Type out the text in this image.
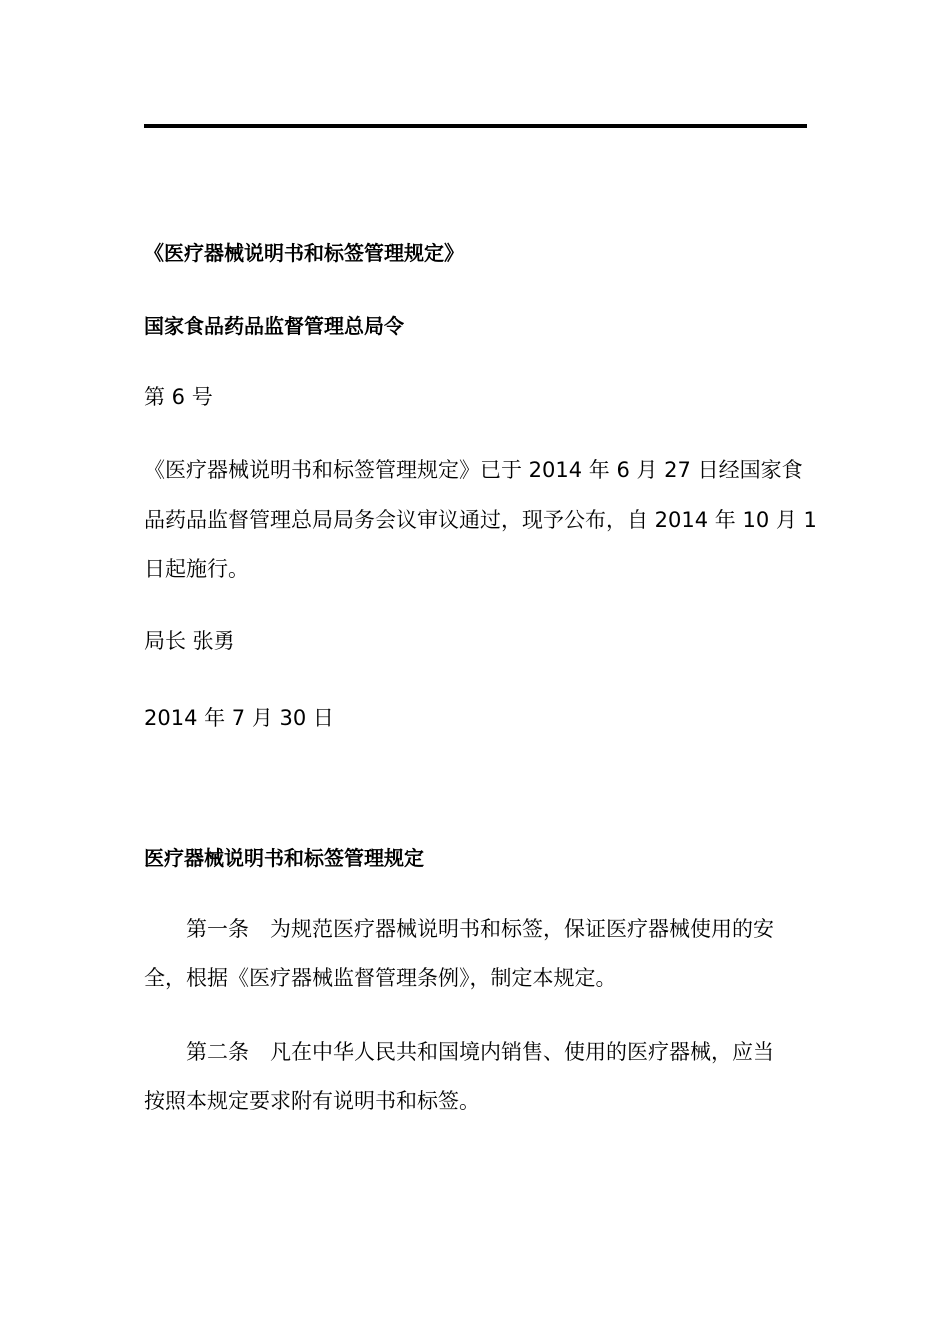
《医疗器械说明书和标签管理规定》
国家食品药品监督管理总局令
第 6 号
《医疗器械说明书和标签管理规定》已于 2014 年 6 月 27 日经国家食
品药品监督管理总局局务会议审议通过，现予公布，自 2014 年 10 月 1
日起施行。
局长 张勇
2014 年 7 月 30 日
医疗器械说明书和标签管理规定
第一条　为规范医疗器械说明书和标签，保证医疗器械使用的安
全，根据《医疗器械监督管理条例》，制定本规定。
第二条　凡在中华人民共和国境内销售、使用的医疗器械，应当
按照本规定要求附有说明书和标签。
